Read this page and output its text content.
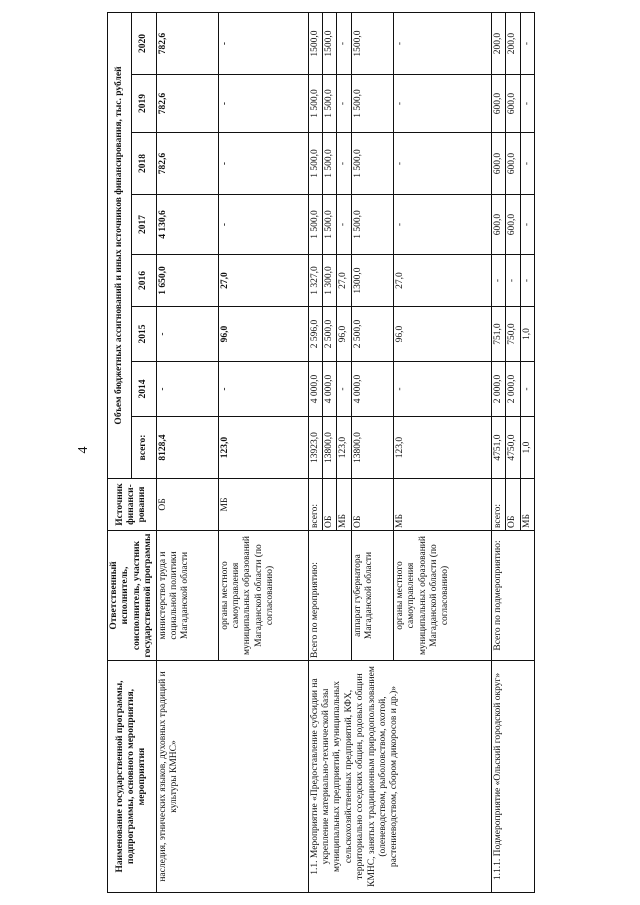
4
Наименование государственной программы, подпрограммы, основного мероприятия, мероприятия	Ответственный исполнитель, соисполнитель, участник государственной программы	Источник финанси-рования	Объем бюджетных ассигнований и иных источников финансирования, тыс. рублей							
			всего:	2014	2015	2016	2017	2018	2019	2020
наследия, этнических языков, духовных традиций и культуры КМНС»	министерство труда и социальной политики Магаданской области	ОБ	8128,4	-	-	1 650,0	4 130,6	782,6	782,6	782,6
	органы местного самоуправления муниципальных образований Магаданской области (по согласованию)	МБ	123,0	-	96,0	27,0	-	-	-	-
1.1. Мероприятие «Предоставление субсидии на укрепление материально-технической базы муниципальных предприятий, муниципальных сельскохозяйственных предприятий, КФХ, территориально соседских общин, родовых общин КМНС, занятых традиционным природопользованием (оленеводством, рыболовством, охотой, растениеводством, сбором дикоросов и др.)»	Всего по мероприятию:	всего:	13923,0	4 000,0	2 596,0	1 327,0	1 500,0	1 500,0	1 500,0	1500,0
		ОБ	13800,0	4 000,0	2 500,0	1 300,0	1 500,0	1 500,0	1 500,0	1500,0
		МБ	123,0	-	96,0	27,0	-	-	-	-
	аппарат губернатора Магаданской области	ОБ	13800,0	4 000,0	2 500,0	1300,0	1 500,0	1 500,0	1 500,0	1500,0
	органы местного самоуправления муниципальных образований Магаданской области (по согласованию)	МБ	123,0	-	96,0	27,0	-	-	-	-
1.1.1. Подмероприятие «Ольский городской округ»	Всего по подмероприятию:	всего:	4751,0	2 000,0	751,0	-	600,0	600,0	600,0	200,0
		ОБ	4750,0	2 000,0	750,0	-	600,0	600,0	600,0	200,0
		МБ	1,0	-	1,0	-	-	-	-	-
